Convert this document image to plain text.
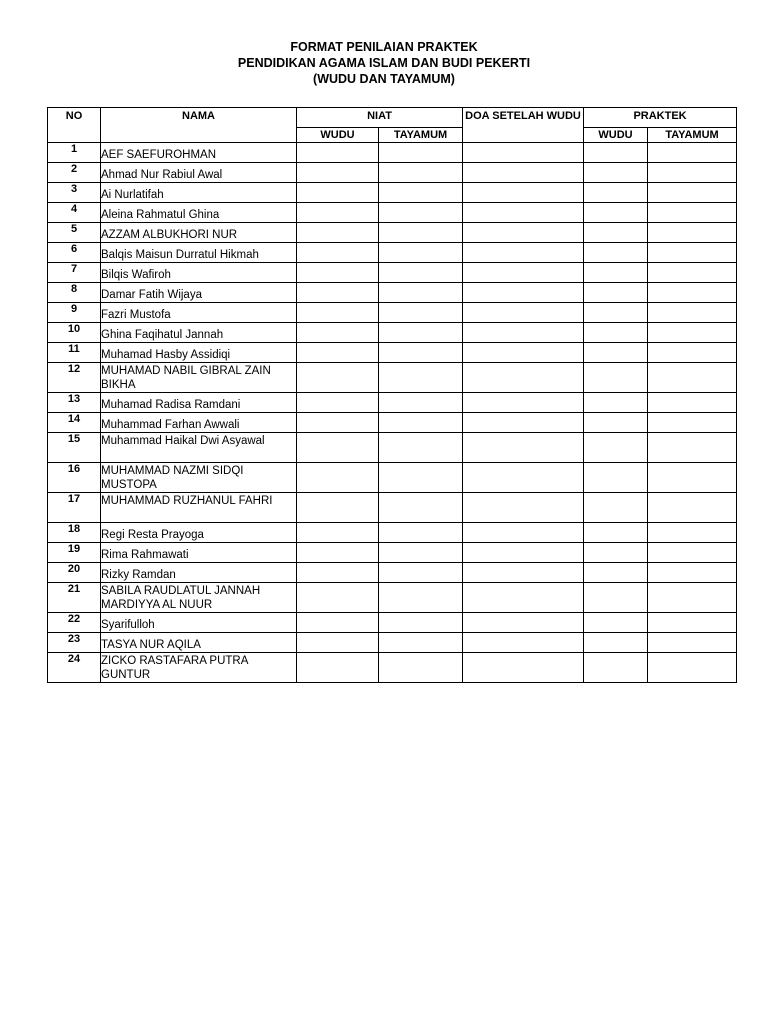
FORMAT PENILAIAN PRAKTEK
PENDIDIKAN AGAMA ISLAM DAN BUDI PEKERTI
(WUDU DAN TAYAMUM)
NO	NAMA	NIAT		DOA SETELAH WUDU	PRAKTEK	
		WUDU	TAYAMUM		WUDU	TAYAMUM
1	AEF SAEFUROHMAN					
2	Ahmad Nur Rabiul Awal					
3	Ai Nurlatifah					
4	Aleina Rahmatul Ghina					
5	AZZAM ALBUKHORI NUR					
6	Balqis Maisun Durratul Hikmah					
7	Bilqis Wafiroh					
8	Damar Fatih Wijaya					
9	Fazri Mustofa					
10	Ghina Faqihatul Jannah					
11	Muhamad Hasby Assidiqi					
12	MUHAMAD NABIL GIBRAL ZAIN BIKHA					
13	Muhamad Radisa Ramdani					
14	Muhammad Farhan Awwali					
15	Muhammad Haikal Dwi Asyawal					
16	MUHAMMAD NAZMI SIDQI MUSTOPA					
17	MUHAMMAD RUZHANUL FAHRI					
18	Regi Resta Prayoga					
19	Rima Rahmawati					
20	Rizky Ramdan					
21	SABILA RAUDLATUL JANNAH MARDIYYA AL NUUR					
22	Syarifulloh					
23	TASYA NUR AQILA					
24	ZICKO RASTAFARA PUTRA GUNTUR					
